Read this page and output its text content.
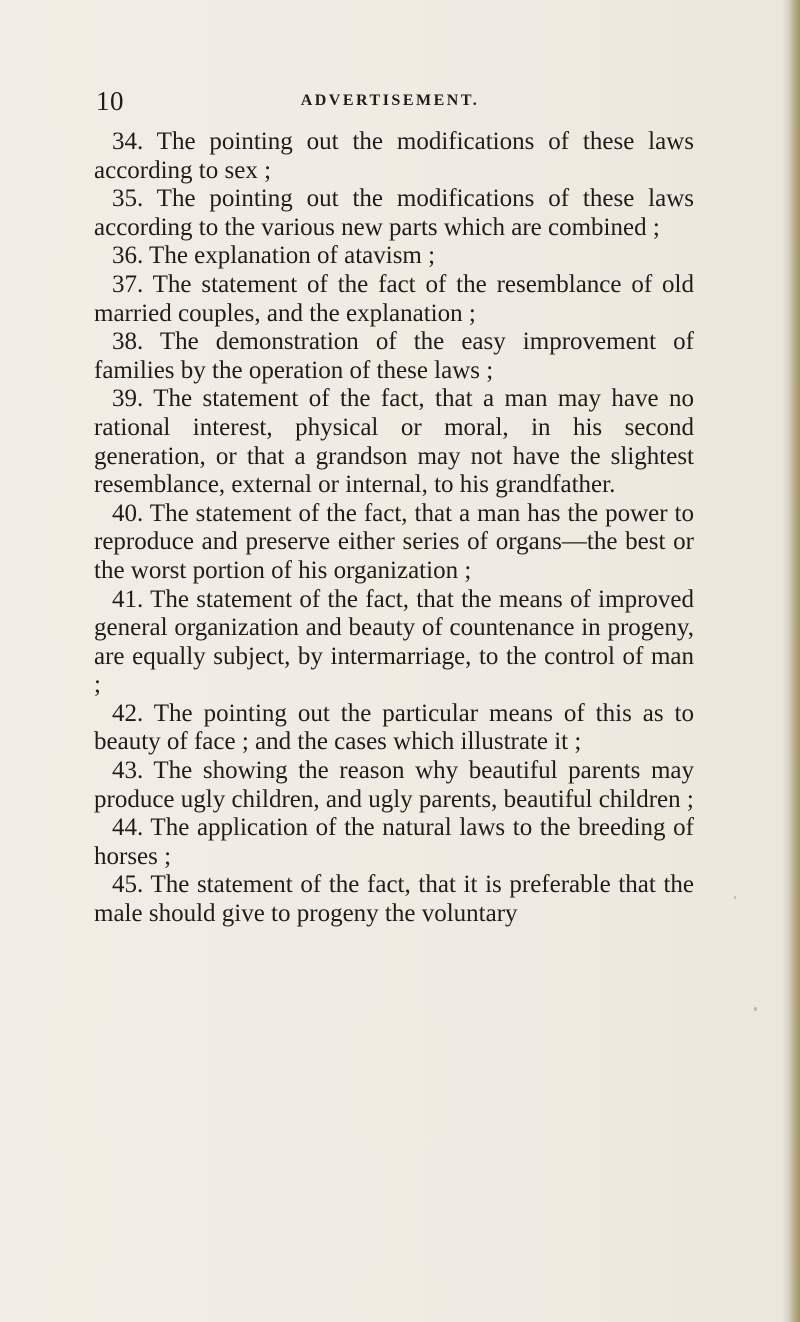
10	ADVERTISEMENT.

34. The pointing out the modifications of these laws according to sex ;

35. The pointing out the modifications of these laws according to the various new parts which are combined ;

36. The explanation of atavism ;

37. The statement of the fact of the resemblance of old married couples, and the explanation ;

38. The demonstration of the easy improvement of families by the operation of these laws ;

39. The statement of the fact, that a man may have no rational interest, physical or moral, in his second generation, or that a grandson may not have the slightest resemblance, external or internal, to his grandfather.

40. The statement of the fact, that a man has the power to reproduce and preserve either series of organs—the best or the worst portion of his organization ;

41. The statement of the fact, that the means of improved general organization and beauty of countenance in progeny, are equally subject, by intermarriage, to the control of man ;

42. The pointing out the particular means of this as to beauty of face ; and the cases which illustrate it ;

43. The showing the reason why beautiful parents may produce ugly children, and ugly parents, beautiful children ;

44. The application of the natural laws to the breeding of horses ;

45. The statement of the fact, that it is preferable that the male should give to progeny the voluntary
